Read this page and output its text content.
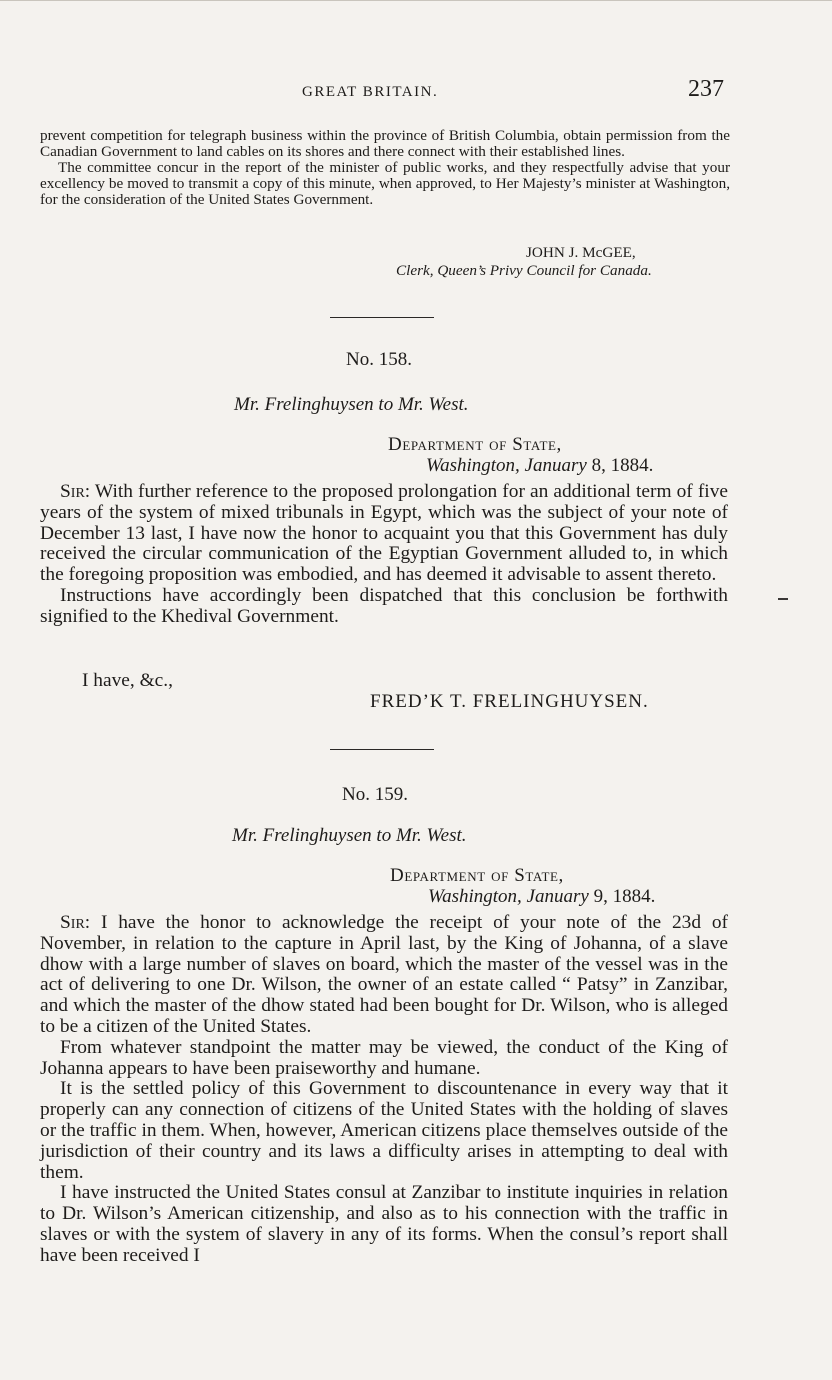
GREAT BRITAIN.	237

prevent competition for telegraph business within the province of British Columbia, obtain permission from the Canadian Government to land cables on its shores and there connect with their established lines.

The committee concur in the report of the minister of public works, and they respectfully advise that your excellency be moved to transmit a copy of this minute, when approved, to Her Majesty’s minister at Washington, for the consideration of the United States Government.

JOHN J. McGEE,
Clerk, Queen’s Privy Council for Canada.
No. 158.
Mr. Frelinghuysen to Mr. West.
Department of State,
Washington, January 8, 1884.

Sir: With further reference to the proposed prolongation for an additional term of five years of the system of mixed tribunals in Egypt, which was the subject of your note of December 13 last, I have now the honor to acquaint you that this Government has duly received the circular communication of the Egyptian Government alluded to, in which the foregoing proposition was embodied, and has deemed it advisable to assent thereto.

Instructions have accordingly been dispatched that this conclusion be forthwith signified to the Khedival Government.

I have, &c.,
FRED’K T. FRELINGHUYSEN.
No. 159.
Mr. Frelinghuysen to Mr. West.
Department of State,
Washington, January 9, 1884.

Sir: I have the honor to acknowledge the receipt of your note of the 23d of November, in relation to the capture in April last, by the King of Johanna, of a slave dhow with a large number of slaves on board, which the master of the vessel was in the act of delivering to one Dr. Wilson, the owner of an estate called “ Patsy” in Zanzibar, and which the master of the dhow stated had been bought for Dr. Wilson, who is alleged to be a citizen of the United States.

From whatever standpoint the matter may be viewed, the conduct of the King of Johanna appears to have been praiseworthy and humane.

It is the settled policy of this Government to discountenance in every way that it properly can any connection of citizens of the United States with the holding of slaves or the traffic in them. When, however, American citizens place themselves outside of the jurisdiction of their country and its laws a difficulty arises in attempting to deal with them.

I have instructed the United States consul at Zanzibar to institute inquiries in relation to Dr. Wilson’s American citizenship, and also as to his connection with the traffic in slaves or with the system of slavery in any of its forms. When the consul’s report shall have been received I
